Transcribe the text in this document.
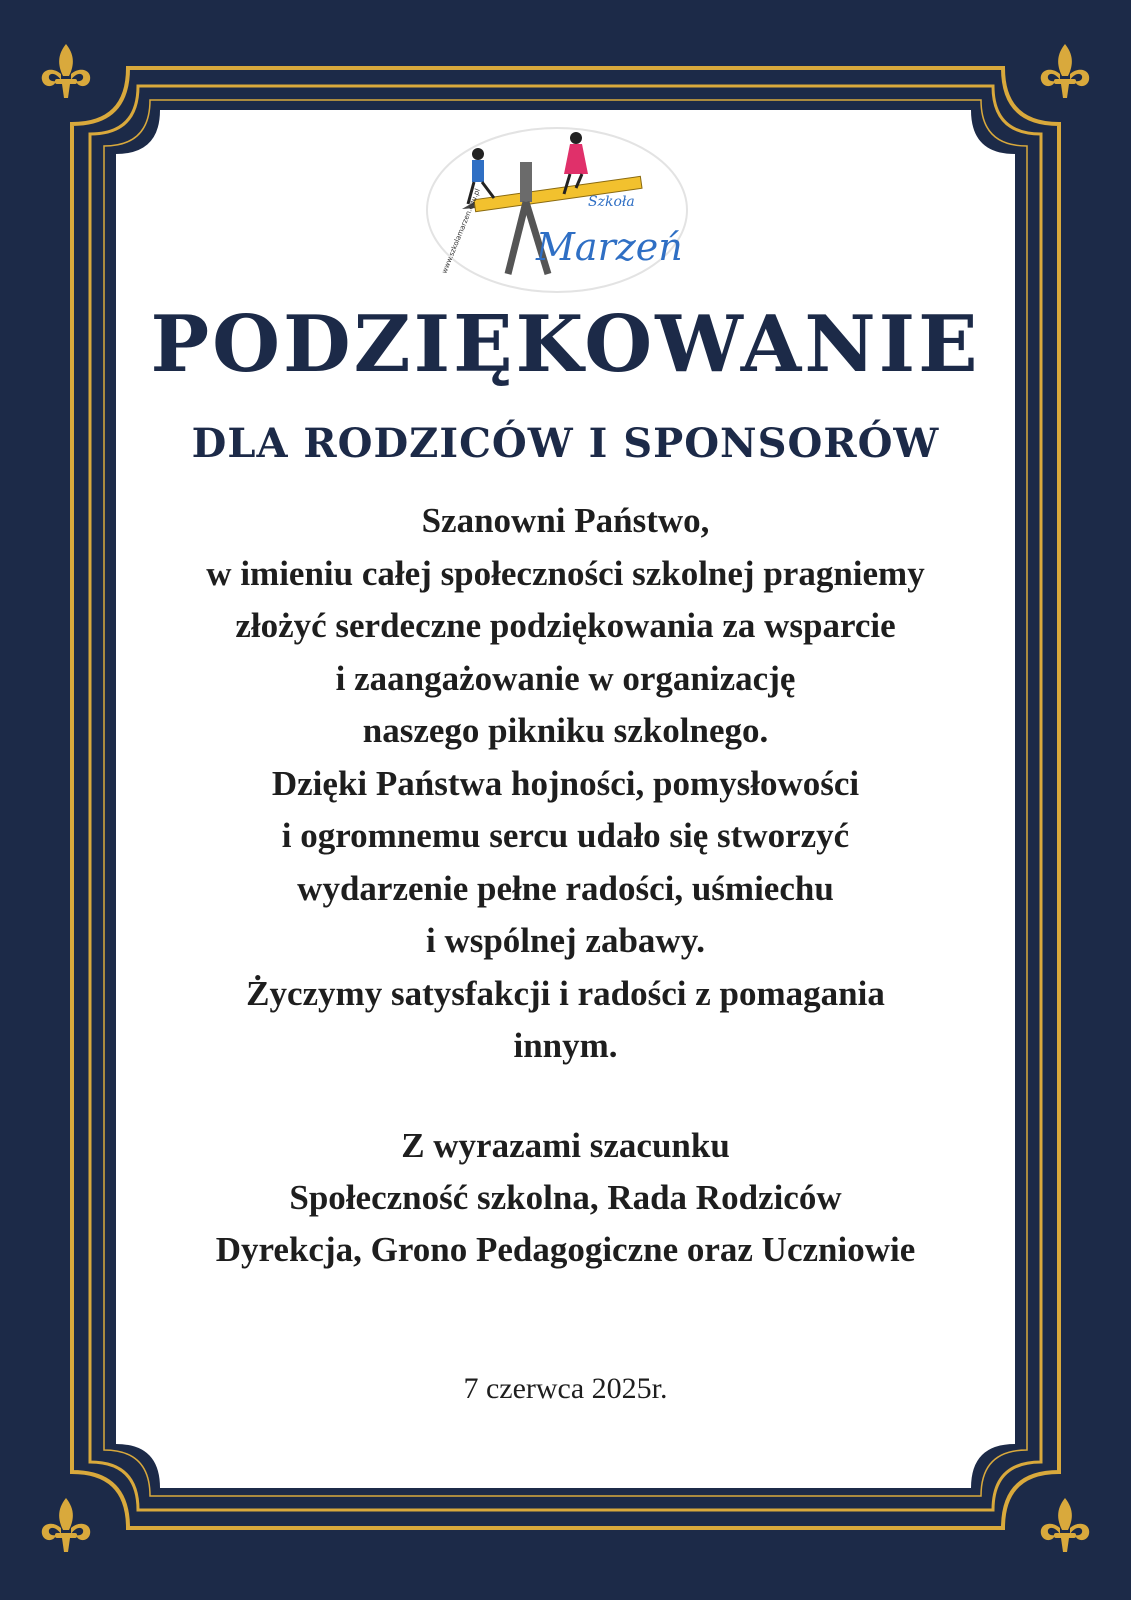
Szkoła
Marzeń
www.szkolamarzen.edu.pl
PODZIĘKOWANIE
DLA RODZICÓW I SPONSORÓW
Szanowni Państwo,
w imieniu całej społeczności szkolnej pragniemy
złożyć serdeczne podziękowania za wsparcie
i zaangażowanie w organizację
naszego pikniku szkolnego.
Dzięki Państwa hojności, pomysłowości
i ogromnemu sercu udało się stworzyć
wydarzenie pełne radości, uśmiechu
i wspólnej zabawy.
Życzymy satysfakcji i radości z pomagania
innym.
Z wyrazami szacunku
Społeczność szkolna, Rada Rodziców
Dyrekcja, Grono Pedagogiczne oraz Uczniowie
7 czerwca 2025r.
